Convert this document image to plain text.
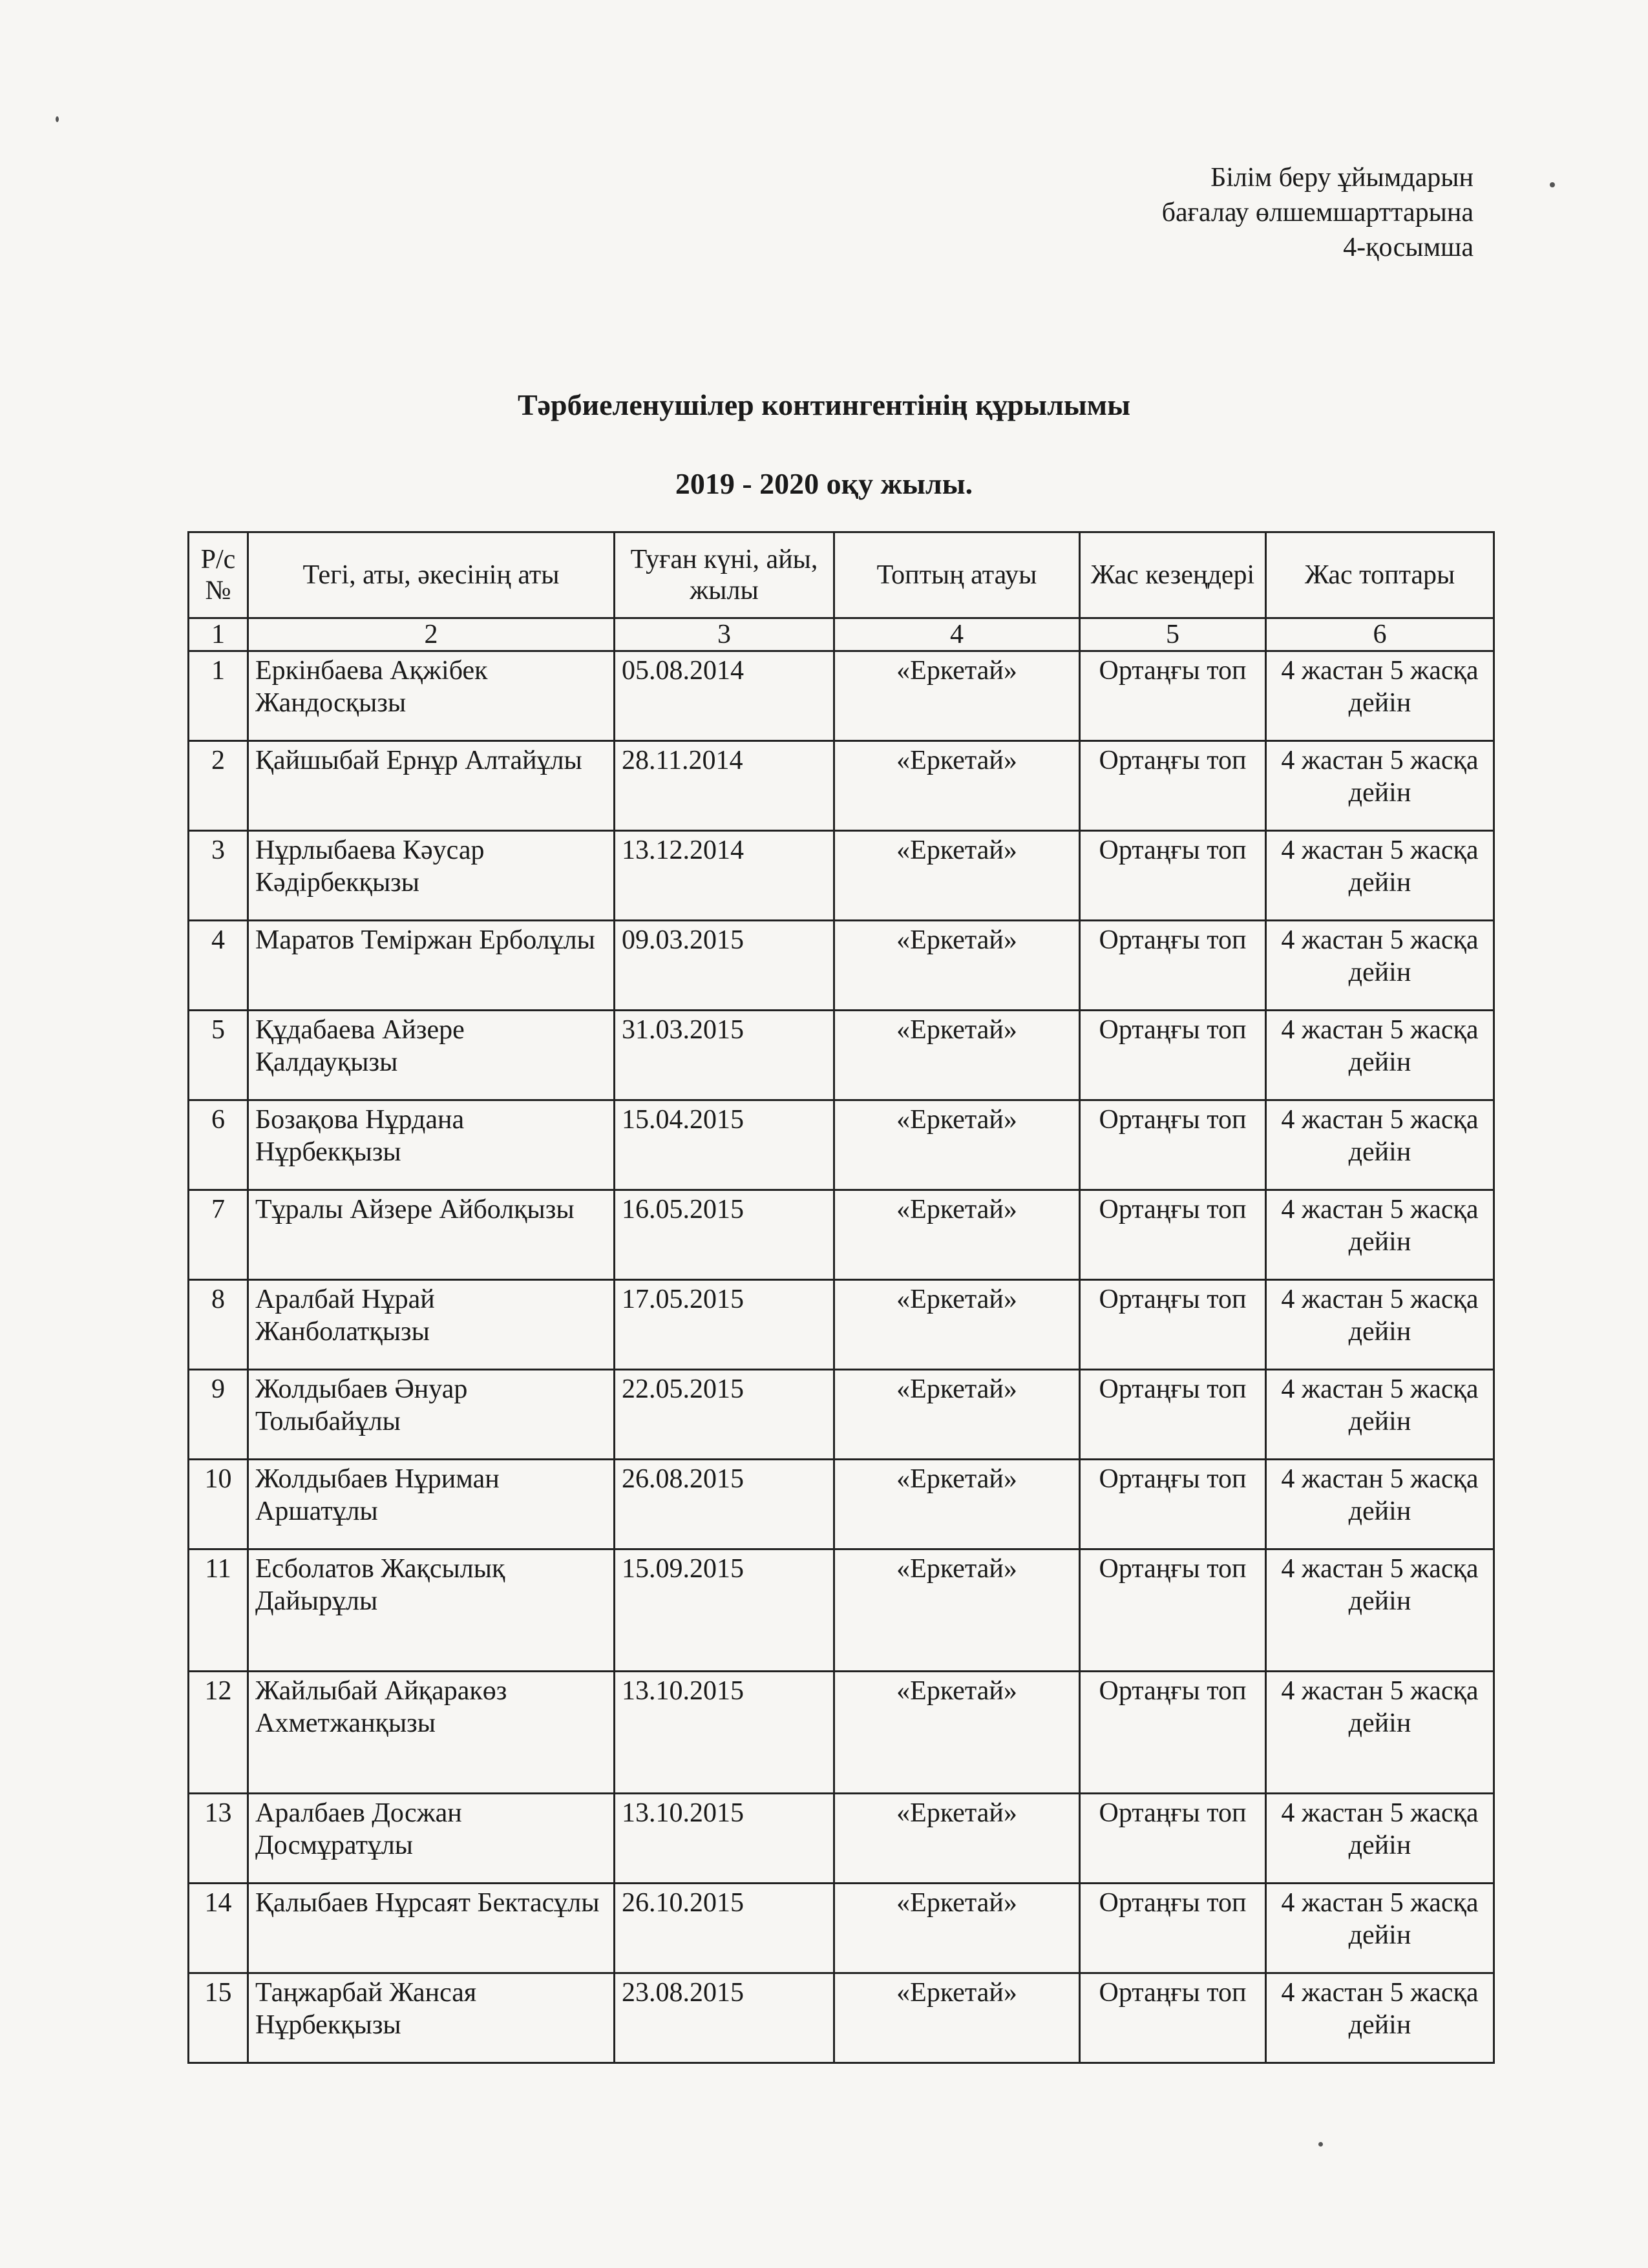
Білім беру ұйымдарын
бағалау өлшемшарттарына
4-қосымша
Тәрбиеленушілер контингентінің құрылымы
2019 - 2020 оқу жылы.
Р/с №	Тегі, аты, әкесінің аты	Туған күні, айы, жылы	Топтың атауы	Жас кезеңдері	Жас топтары
1	2	3	4	5	6
1	Еркінбаева Ақжібек Жандосқызы	05.08.2014	«Еркетай»	Ортаңғы топ	4 жастан 5 жасқа дейін
2	Қайшыбай Ернұр Алтайұлы	28.11.2014	«Еркетай»	Ортаңғы топ	4 жастан 5 жасқа дейін
3	Нұрлыбаева Кәусар Кәдірбекқызы	13.12.2014	«Еркетай»	Ортаңғы топ	4 жастан 5 жасқа дейін
4	Маратов Теміржан Ерболұлы	09.03.2015	«Еркетай»	Ортаңғы топ	4 жастан 5 жасқа дейін
5	Құдабаева Айзере Қалдауқызы	31.03.2015	«Еркетай»	Ортаңғы топ	4 жастан 5 жасқа дейін
6	Бозақова Нұрдана Нұрбекқызы	15.04.2015	«Еркетай»	Ортаңғы топ	4 жастан 5 жасқа дейін
7	Тұралы Айзере Айболқызы	16.05.2015	«Еркетай»	Ортаңғы топ	4 жастан 5 жасқа дейін
8	Аралбай Нұрай Жанболатқызы	17.05.2015	«Еркетай»	Ортаңғы топ	4 жастан 5 жасқа дейін
9	Жолдыбаев Әнуар Толыбайұлы	22.05.2015	«Еркетай»	Ортаңғы топ	4 жастан 5 жасқа дейін
10	Жолдыбаев Нұриман Аршатұлы	26.08.2015	«Еркетай»	Ортаңғы топ	4 жастан 5 жасқа дейін
11	Есболатов Жақсылық Дайырұлы	15.09.2015	«Еркетай»	Ортаңғы топ	4 жастан 5 жасқа дейін
12	Жайлыбай Айқаракөз Ахметжанқызы	13.10.2015	«Еркетай»	Ортаңғы топ	4 жастан 5 жасқа дейін
13	Аралбаев Досжан Досмұратұлы	13.10.2015	«Еркетай»	Ортаңғы топ	4 жастан 5 жасқа дейін
14	Қалыбаев Нұрсаят Бектасұлы	26.10.2015	«Еркетай»	Ортаңғы топ	4 жастан 5 жасқа дейін
15	Таңжарбай Жансая Нұрбекқызы	23.08.2015	«Еркетай»	Ортаңғы топ	4 жастан 5 жасқа дейін
